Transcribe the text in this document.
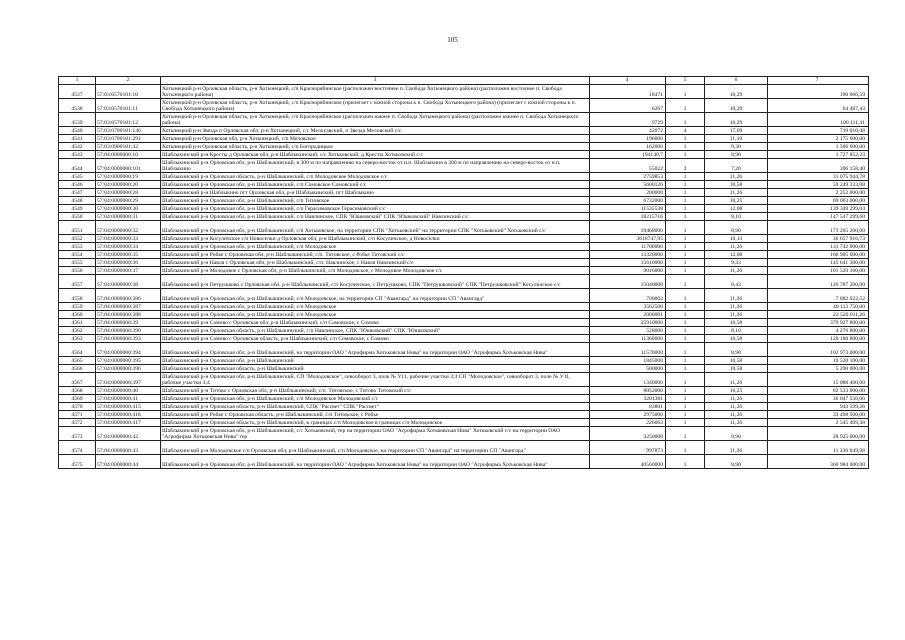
105
1	2	3	4	5	6	7
4537	57:03:0570101:10	Хотынецкий р-н Орловская область, р-н Хотынецкий, с/п Краснорябинское (расположен восточнее п. Свобода Хотынецкого района) (расположен восточнее п. Свобода Хотынецкого района)	18471	1	10,29	190 066,59
4538	57:03:0570101:11	Хотынецкий р-н Орловская область, р-н Хотынецкий, с/п Краснорябинское (прилегает с южной стороны к п. Свобода Хотынецкого района) (прилегает с южной стороны к п. Свобода Хотынецкого района)	6267	1	10,29	64 487,43
4539	57:03:0570101:12	Хотынецкий р-н Орловская область, р-н Хотынецкий, с/п Краснорябинское (расположен южнее п. Свобода Хотынецкого района) (расположен южнее п. Свобода Хотынецкого района)	9729	1	10,29	100 111,41
4540	57:03:0780101:146	Хотынецкий р-н Звезда п Орловская обл, р-н Хотынецкий, с/с Мелосавский, п Звезда Меловский с/с	42072	4	17,09	719 010,48
4541	57:03:0780101:291	Хотынецкий р-н Орловская обл, р-н Хотынецкий, с/п Меловское	196000	1	11,10	2 175 600,00
4542	57:03:0900101:42	Хотынецкий р-н Орловская область, р-н Хотынецкий, с/п Богородицкое	162000	1	9,30	1 506 600,00
4543	57:04:0000000:10	Шаблыкинский р-н Кресты д Орловская обл, р-н Шаблыкинский, с/с Хотьковский, д Кресты Хотьковский с/с	194140,7	1	8,90	1 727 852,23
4544	57:04:0000000:101	Шаблыкинский р-н Орловская обл, р-н Шаблыкинский, в 300 м по направлению на северо-восток от н.п. Шаблыкино в 300 м по направлению на северо-восток от н.п. Шаблыкино	55022	3	7,20	396 158,40
4545	57:04:0000000:19	Шаблыкинский р-н Орловская область, р-н Шаблыкинский, с/п Молодовское Молодовское с/с	2759853	1	11,26	31 075 944,78
4546	57:04:0000000:20	Шаблыкинский р-н Орловская обл, р-н Шаблыкинский, с/п Сомовское Сомовский с/с	5600126	1	10,58	59 249 333,08
4547	57:04:0000000:28	Шаблыкинский р-н Шаблыкино пгт Орловская обл, р-н Шаблыкинский, пгт Шаблыкино	200000	1	11,26	2 252 000,00
4548	57:04:0000000:29	Шаблыкинский р-н Орловская обл, р-н Шаблыкинский, с/п Титовское	6732000	1	10,25	69 003 000,00
4549	57:04:0000000:30	Шаблыкинский р-н Орловская обл, р-н Шаблыкинский, с/п Герасимовское Герасимовский с/с	11535538	1	12,08	139 349 299,04
4550	57:04:0000000:31	Шаблыкинский р-н Орловская обл, р-н Шаблыкинский, с/п Навлинское, СПК "Юшковский" СПК "Юшковский" Навлинский с/с	18215716	1	8,10	147 547 299,60
4551	57:04:0000000:32	Шаблыкинский р-н Орловская обл, р-н Шаблыкинский, с/п Хотьковское, на территории СПК "Хотьковский" на территории СПК "Хотьковский" Хотьковский с/с	19468000	1	8,90	173 265 200,00
4552	57:04:0000000:33	Шаблыкинский р-н Косуличское с/п Новоселки д Орловская обл, р-н Шаблыкинский, с/п Косуличское, д Новоселки	3618747,95	1	10,13	36 657 916,73
4553	57:04:0000000:34	Шаблыкинский р-н Орловская обл, р-н Шаблыкинский, с/п Молодовское	11700000	1	11,26	131 742 000,00
4554	57:04:0000000:35	Шаблыкинский р-н Робье с Орловская обл, р-н Шаблыкинский, с/п. Титовское, с Робье Титовский с/с	13320000	1	12,08	160 905 600,00
4555	57:04:0000000:36	Шаблыкинский р-н Навля с Орловская обл, р-н Шаблыкинский, с/п. Навлинское, с Навля Навлинский с/с	15610000	1	9,33	145 641 300,00
4556	57:04:0000000:37	Шаблыкинский р-н Молодовое с Орловская обл, р-н Шаблыкинский, с/п Молодовское, с Молодовое Молодовское с/с	9016000	1	11,26	101 520 160,00
4557	57:04:0000000:38	Шаблыкинский р-н Петрушково с Орловская обл, р-н Шаблыкинский, с/п Косуличское, с Петрушково, СПК "Петрушковский" СПК "Петрушковский" Косуличское с/с	15040000	1	8,43	126 787 200,00
4558	57:04:0000000:386	Шаблыкинский р-н Орловская обл, р-н Шаблыкинский, с/п Молодовское, на территории СП "Авангард" на территории СП "Авангард"	700002	1	11,26	7 882 022,52
4559	57:04:0000000:387	Шаблыкинский р-н Орловская обл, р-н Шаблыкинский, с/п Молодовское	3562500	1	11,26	40 113 750,00
4560	57:04:0000000:388	Шаблыкинский р-н Орловская обл, р-н Шаблыкинский, с/п Молодовское	2000001	1	11,26	22 520 011,26
4561	57:04:0000000:39	Шаблыкинский р-н Сомово с Орловская обл, р-н Шаблыкинский, с/п Сомовское, с Сомово	35910000	1	10,58	379 927 800,00
4562	57:04:0000000:390	Шаблыкинский р-н Орловская область, р-н Шаблыкинский, с/п Навлинское, СПК "Юшковский" СПК "Юшковский"	528000	1	8,10	4 276 800,00
4563	57:04:0000000:393	Шаблыкинский р-н Сомово с Орловская область, р-н Шаблыкинский, с/п Сомовское, с Сомово	11360000	1	10,58	120 188 800,00
4564	57:04:0000000:394	Шаблыкинский р-н Орловская обл, р-н Шаблыкинский, на территории ОАО "Агрофирма Хотьковская Нива" на территории ОАО "Агрофирма Хотьковская Нива"	11570000	1	8,90	102 973 000,00
4565	57:04:0000000:395	Шаблыкинский р-н Орловская обл, р-н Шаблыкинский	1845000	1	10,58	19 520 100,00
4566	57:04:0000000:396	Шаблыкинский р-н Орловская область, р-н Шаблыкинский	500000	1	10,58	5 290 000,00
4567	57:04:0000000:397	Шаблыкинский р-н Орловская обл, р-н Шаблыкинский, СП "Молодовское", севооборот 3, поле № У11, рабочие участки 3;4 СП "Молодовское", севооборот 3, поле № У11, рабочие участки 3;4	1340000	1	11,26	15 088 400,00
4568	57:04:0000000:40	Шаблыкинский р-н Титово с Орловская обл, р-н Шаблыкинский, с/п. Титовское, с Титово Титовский с/с	8052000	1	10,25	82 533 000,00
4569	57:04:0000000:41	Шаблыкинский р-н Орловская обл, р-н Шаблыкинский, с/п Молодовское Молодовский с/с	3201381	1	11,26	36 047 550,06
4570	57:04:0000000:415	Шаблыкинский р-н Орловская область, р-н Шаблыкинский, СПК "Рассвет" СПК "Рассвет"	83801	1	11,26	943 599,26
4571	57:04:0000000:416	Шаблыкинский р-н Робье с Орловская область, р-н Шаблыкинский, с/п Титовское, с Робье	2975000	1	11,26	33 498 500,00
4572	57:04:0000000:417	Шаблыкинский р-н Орловская область, р-н Шаблыкинский, в границах с/п Молодовское в границах с/п Молодовское	226063	1	11,26	2 545 469,38
4573	57:04:0000000:42	Шаблыкинский р-н Орловская обл, р-н Шаблыкинский, с/с Хотьковский, тер на территории ОАО "Агрофирма Хотьковская Нива" Хотьковский с/с на территории ОАО "Агрофирма Хотьковская Нива" тер	3250000	1	8,90	28 925 000,00
4574	57:04:0000000:43	Шаблыкинский р-н Молодовское с/п Орловская обл, р-н Шаблыкинский, с/п Молодовское, на территории СП "Авангард" на территории СП "Авангард"	997873	1	11,26	11 236 049,98
4575	57:04:0000000:44	Шаблыкинский р-н Орловская обл, р-н Шаблыкинский, на территории ОАО "Агрофирма Хотьковская Нива" на территории ОАО "Агрофирма Хотьковская Нива"	40560000	1	8,90	360 984 000,00
